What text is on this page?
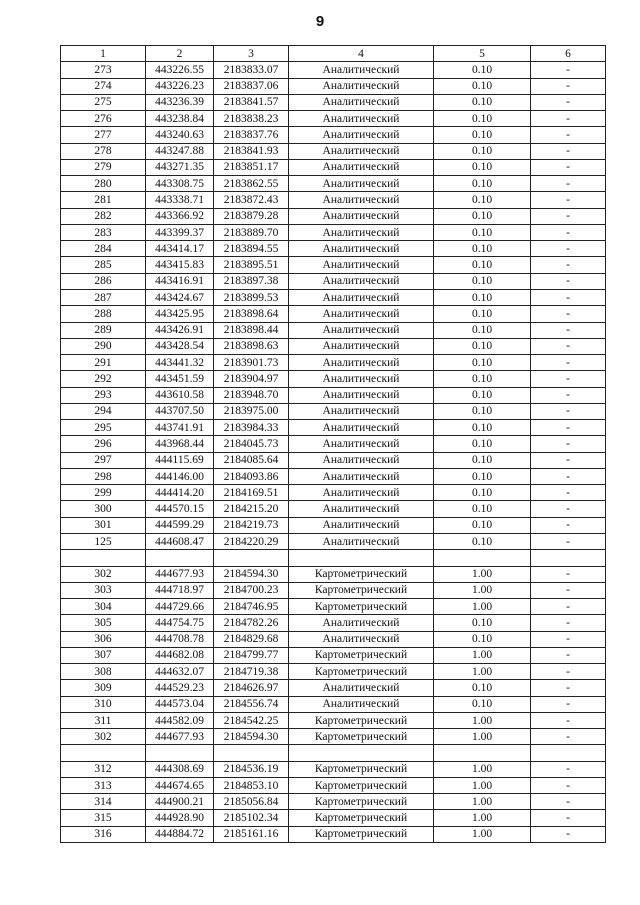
9
1	2	3	4	5	6
273	443226.55	2183833.07	Аналитический	0.10	-
274	443226.23	2183837.06	Аналитический	0.10	-
275	443236.39	2183841.57	Аналитический	0.10	-
276	443238.84	2183838.23	Аналитический	0.10	-
277	443240.63	2183837.76	Аналитический	0.10	-
278	443247.88	2183841.93	Аналитический	0.10	-
279	443271.35	2183851.17	Аналитический	0.10	-
280	443308.75	2183862.55	Аналитический	0.10	-
281	443338.71	2183872.43	Аналитический	0.10	-
282	443366.92	2183879.28	Аналитический	0.10	-
283	443399.37	2183889.70	Аналитический	0.10	-
284	443414.17	2183894.55	Аналитический	0.10	-
285	443415.83	2183895.51	Аналитический	0.10	-
286	443416.91	2183897.38	Аналитический	0.10	-
287	443424.67	2183899.53	Аналитический	0.10	-
288	443425.95	2183898.64	Аналитический	0.10	-
289	443426.91	2183898.44	Аналитический	0.10	-
290	443428.54	2183898.63	Аналитический	0.10	-
291	443441.32	2183901.73	Аналитический	0.10	-
292	443451.59	2183904.97	Аналитический	0.10	-
293	443610.58	2183948.70	Аналитический	0.10	-
294	443707.50	2183975.00	Аналитический	0.10	-
295	443741.91	2183984.33	Аналитический	0.10	-
296	443968.44	2184045.73	Аналитический	0.10	-
297	444115.69	2184085.64	Аналитический	0.10	-
298	444146.00	2184093.86	Аналитический	0.10	-
299	444414.20	2184169.51	Аналитический	0.10	-
300	444570.15	2184215.20	Аналитический	0.10	-
301	444599.29	2184219.73	Аналитический	0.10	-
125	444608.47	2184220.29	Аналитический	0.10	-

302	444677.93	2184594.30	Картометрический	1.00	-
303	444718.97	2184700.23	Картометрический	1.00	-
304	444729.66	2184746.95	Картометрический	1.00	-
305	444754.75	2184782.26	Аналитический	0.10	-
306	444708.78	2184829.68	Аналитический	0.10	-
307	444682.08	2184799.77	Картометрический	1.00	-
308	444632.07	2184719.38	Картометрический	1.00	-
309	444529.23	2184626.97	Аналитический	0.10	-
310	444573.04	2184556.74	Аналитический	0.10	-
311	444582.09	2184542.25	Картометрический	1.00	-
302	444677.93	2184594.30	Картометрический	1.00	-

312	444308.69	2184536.19	Картометрический	1.00	-
313	444674.65	2184853.10	Картометрический	1.00	-
314	444900.21	2185056.84	Картометрический	1.00	-
315	444928.90	2185102.34	Картометрический	1.00	-
316	444884.72	2185161.16	Картометрический	1.00	-
